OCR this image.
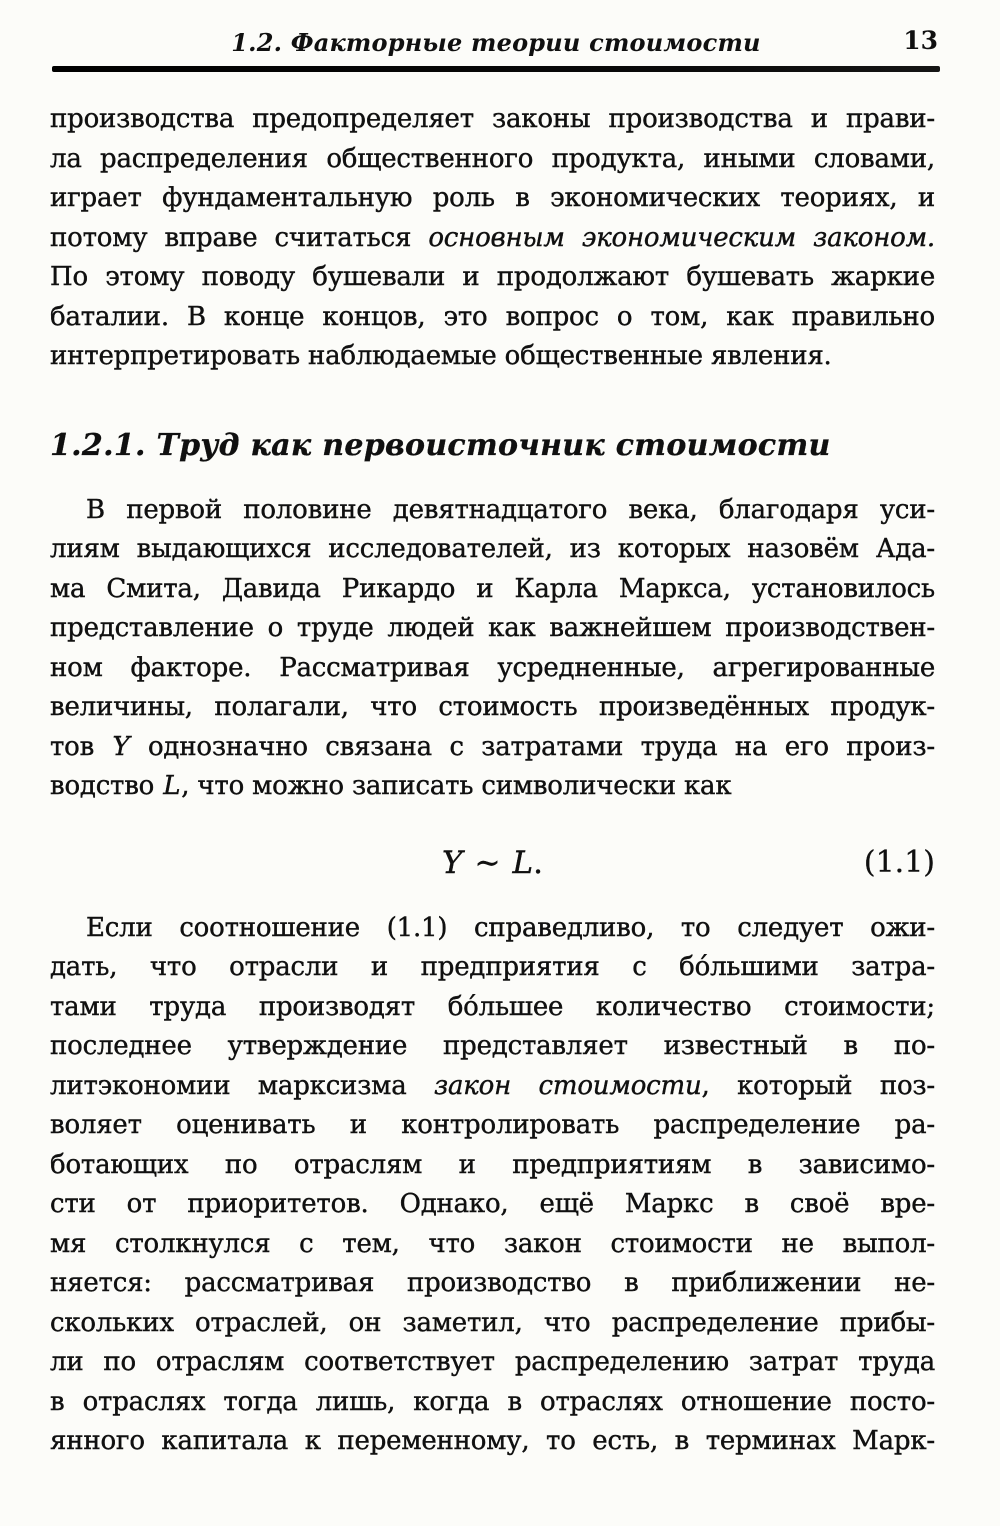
1.2. Факторные теории стоимости	13
производства предопределяет законы производства и прави-
ла распределения общественного продукта, иными словами,
играет фундаментальную роль в экономических теориях, и
потому вправе считаться основным экономическим законом.
По этому поводу бушевали и продолжают бушевать жаркие
баталии. В конце концов, это вопрос о том, как правильно
интерпретировать наблюдаемые общественные явления.
1.2.1. Труд как первоисточник стоимости
В первой половине девятнадцатого века, благодаря уси-
лиям выдающихся исследователей, из которых назовём Ада-
ма Смита, Давида Рикардо и Карла Маркса, установилось
представление о труде людей как важнейшем производствен-
ном факторе. Рассматривая усредненные, агрегированные
величины, полагали, что стоимость произведённых продук-
тов Y однозначно связана с затратами труда на его произ-
водство L, что можно записать символически как
Y ∼ L.	(1.1)
Если соотношение (1.1) справедливо, то следует ожи-
дать, что отрасли и предприятия с бо́льшими затра-
тами труда производят бо́льшее количество стоимости;
последнее утверждение представляет известный в по-
литэкономии марксизма закон стоимости, который поз-
воляет оценивать и контролировать распределение ра-
ботающих по отраслям и предприятиям в зависимо-
сти от приоритетов. Однако, ещё Маркс в своё вре-
мя столкнулся с тем, что закон стоимости не выпол-
няется: рассматривая производство в приближении не-
скольких отраслей, он заметил, что распределение прибы-
ли по отраслям соответствует распределению затрат труда
в отраслях тогда лишь, когда в отраслях отношение посто-
янного капитала к переменному, то есть, в терминах Марк-
